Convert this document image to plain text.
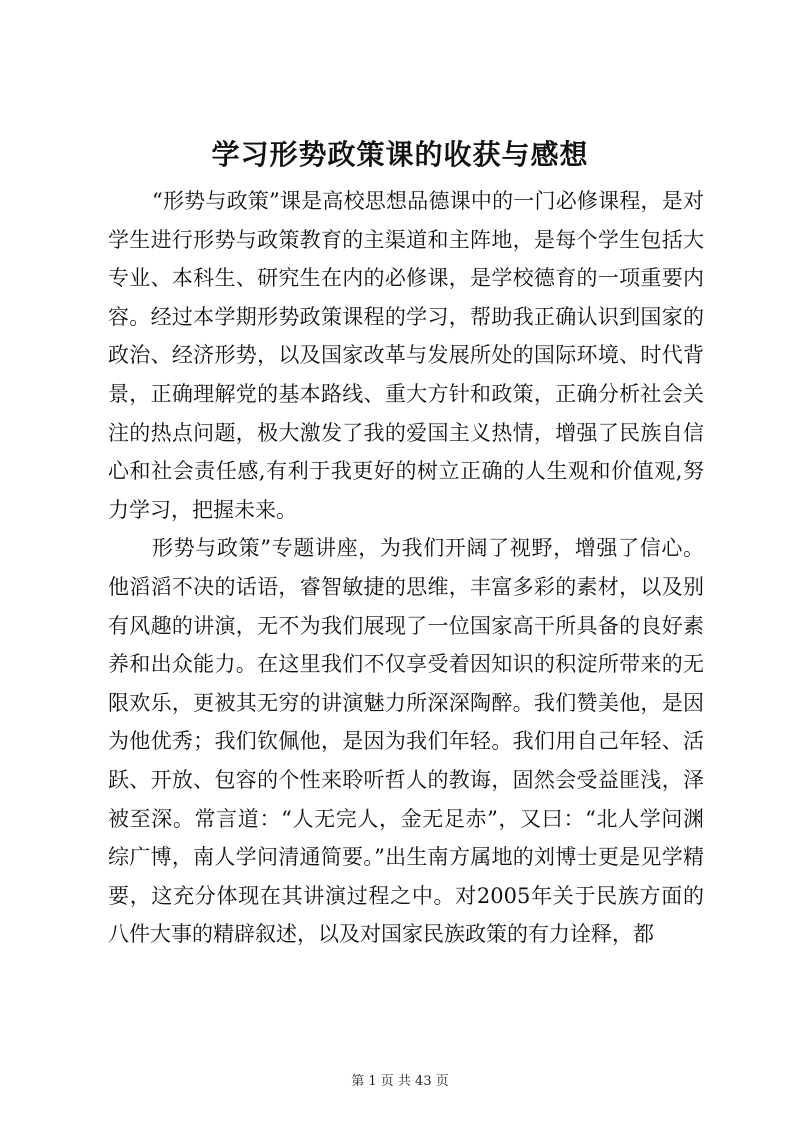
学习形势政策课的收获与感想

“形势与政策”课是高校思想品德课中的一门必修课程，是对学生进行形势与政策教育的主渠道和主阵地，是每个学生包括大专业、本科生、研究生在内的必修课，是学校德育的一项重要内容。经过本学期形势政策课程的学习，帮助我正确认识到国家的政治、经济形势，以及国家改革与发展所处的国际环境、时代背景，正确理解党的基本路线、重大方针和政策，正确分析社会关注的热点问题，极大激发了我的爱国主义热情，增强了民族自信心和社会责任感,有利于我更好的树立正确的人生观和价值观,努力学习，把握未来。

形势与政策”专题讲座，为我们开阔了视野，增强了信心。他滔滔不决的话语，睿智敏捷的思维，丰富多彩的素材，以及别有风趣的讲演，无不为我们展现了一位国家高干所具备的良好素养和出众能力。在这里我们不仅享受着因知识的积淀所带来的无限欢乐，更被其无穷的讲演魅力所深深陶醉。我们赞美他，是因为他优秀；我们钦佩他，是因为我们年轻。我们用自己年轻、活跃、开放、包容的个性来聆听哲人的教诲，固然会受益匪浅，泽被至深。常言道：“人无完人，金无足赤”，又曰：“北人学问渊综广博，南人学问清通简要。”出生南方属地的刘博士更是见学精要，这充分体现在其讲演过程之中。对2005年关于民族方面的八件大事的精辟叙述，以及对国家民族政策的有力诠释，都

第 1 页 共 43 页
